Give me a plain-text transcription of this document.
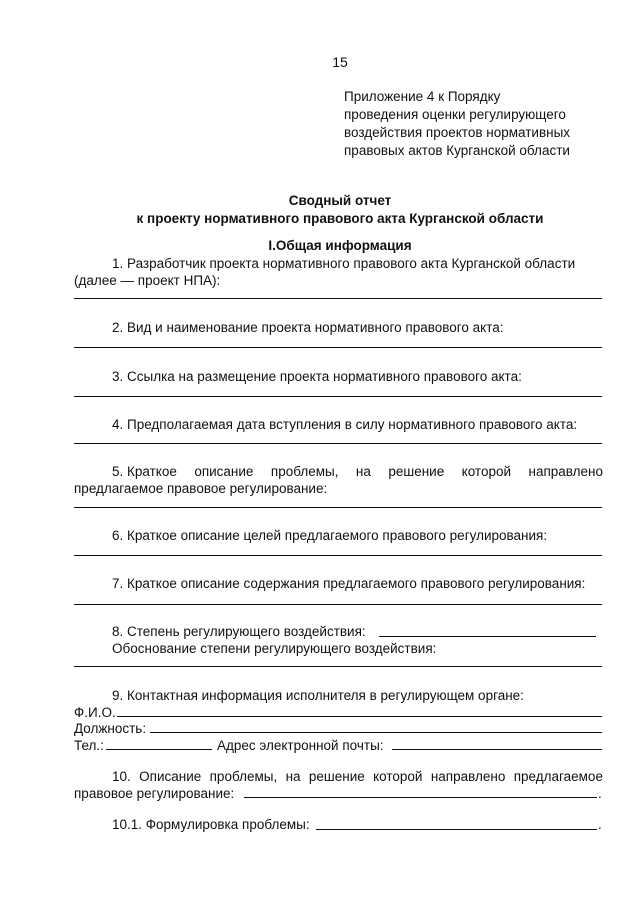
15
Приложение 4 к Порядку
проведения оценки регулирующего
воздействия проектов нормативных
правовых актов Курганской области
Сводный отчет
к проекту нормативного правового акта Курганской области
I.Общая информация
1. Разработчик проекта нормативного правового акта Курганской области
(далее — проект НПА):
2. Вид и наименование проекта нормативного правового акта:
3. Ссылка на размещение проекта нормативного правового акта:
4. Предполагаемая дата вступления в силу нормативного правового акта:
5. Краткое описание проблемы, на решение которой направлено
предлагаемое правовое регулирование:
6. Краткое описание целей предлагаемого правового регулирования:
7. Краткое описание содержания предлагаемого правового регулирования:
8. Степень регулирующего воздействия:
Обоснование степени регулирующего воздействия:
9. Контактная информация исполнителя в регулирующем органе:
Ф.И.О.
Должность:
Тел.:	Адрес электронной почты:
10. Описание проблемы, на решение которой направлено предлагаемое
правовое регулирование:	.
10.1. Формулировка проблемы:	.
